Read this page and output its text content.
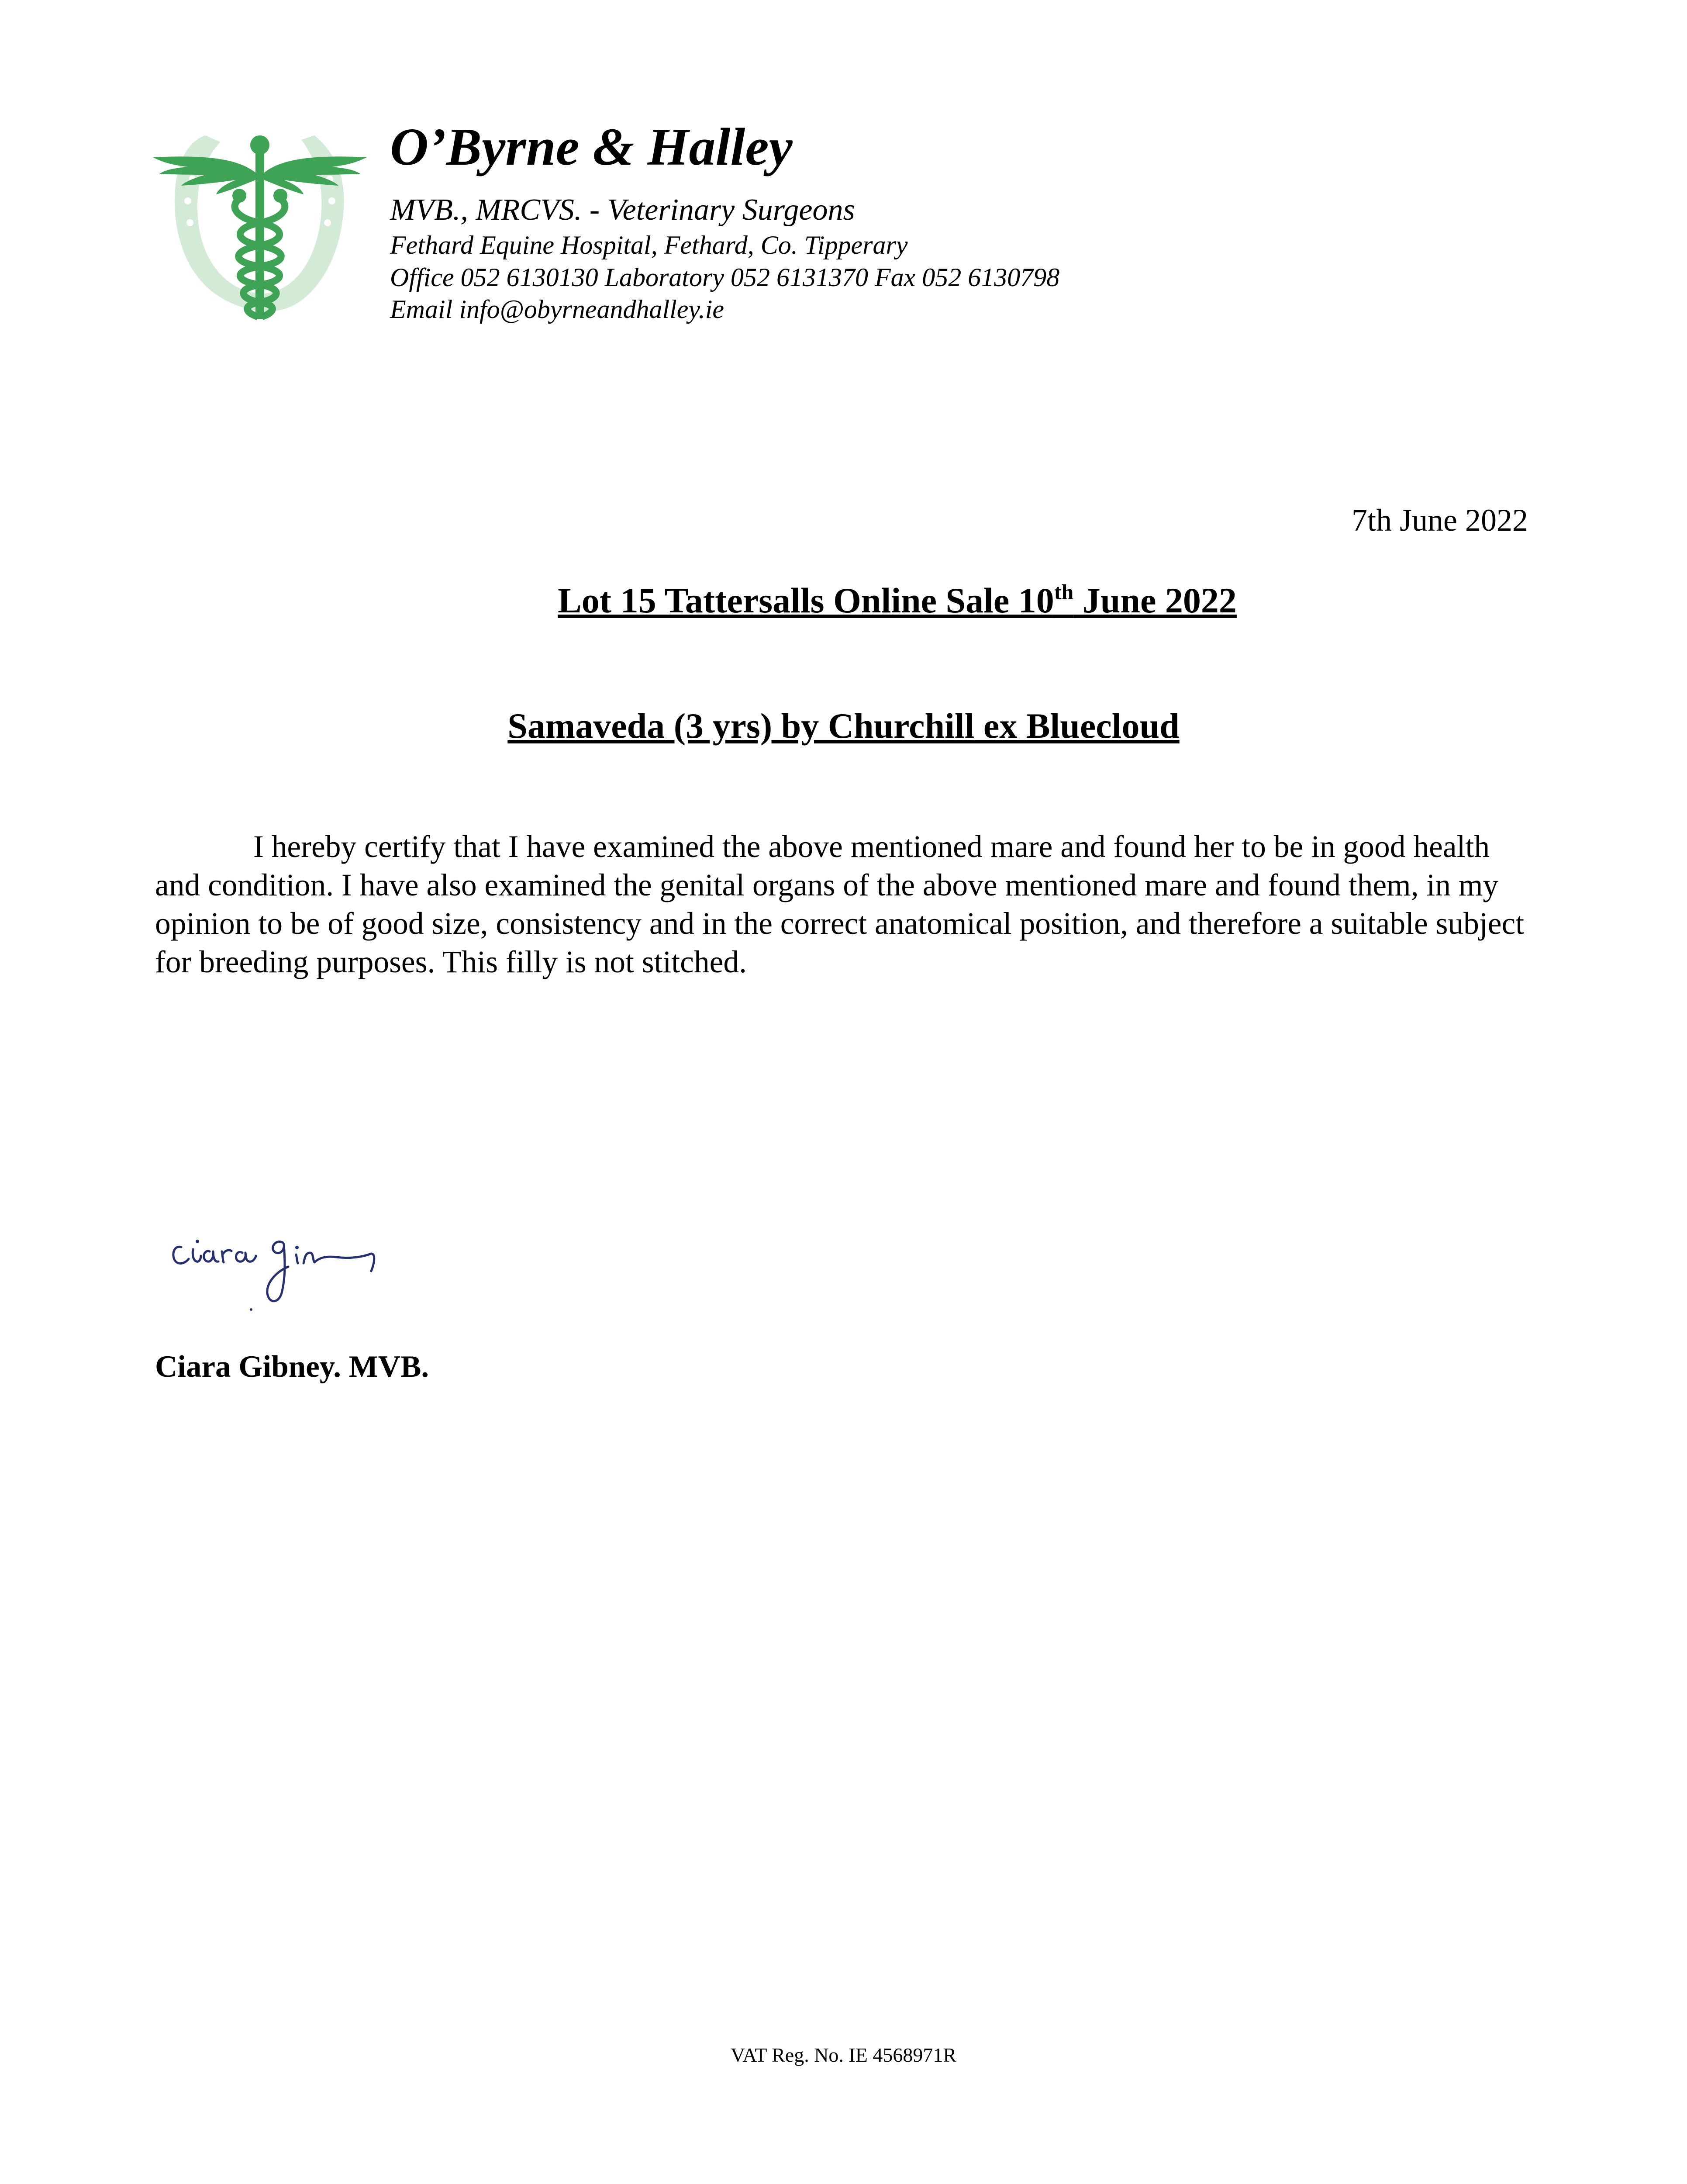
O’Byrne & Halley
MVB., MRCVS. - Veterinary Surgeons
Fethard Equine Hospital, Fethard, Co. Tipperary
Office 052 6130130 Laboratory 052 6131370 Fax 052 6130798
Email info@obyrneandhalley.ie
7th June 2022
Lot 15 Tattersalls Online Sale 10th June 2022
Samaveda (3 yrs) by Churchill ex Bluecloud

I hereby certify that I have examined the above mentioned mare and found her to be in good health and condition. I have also examined the genital organs of the above mentioned mare and found them, in my opinion to be of good size, consistency and in the correct anatomical position, and therefore a suitable subject for breeding purposes. This filly is not stitched.

Ciara Gibney. MVB.
VAT Reg. No. IE 4568971R
